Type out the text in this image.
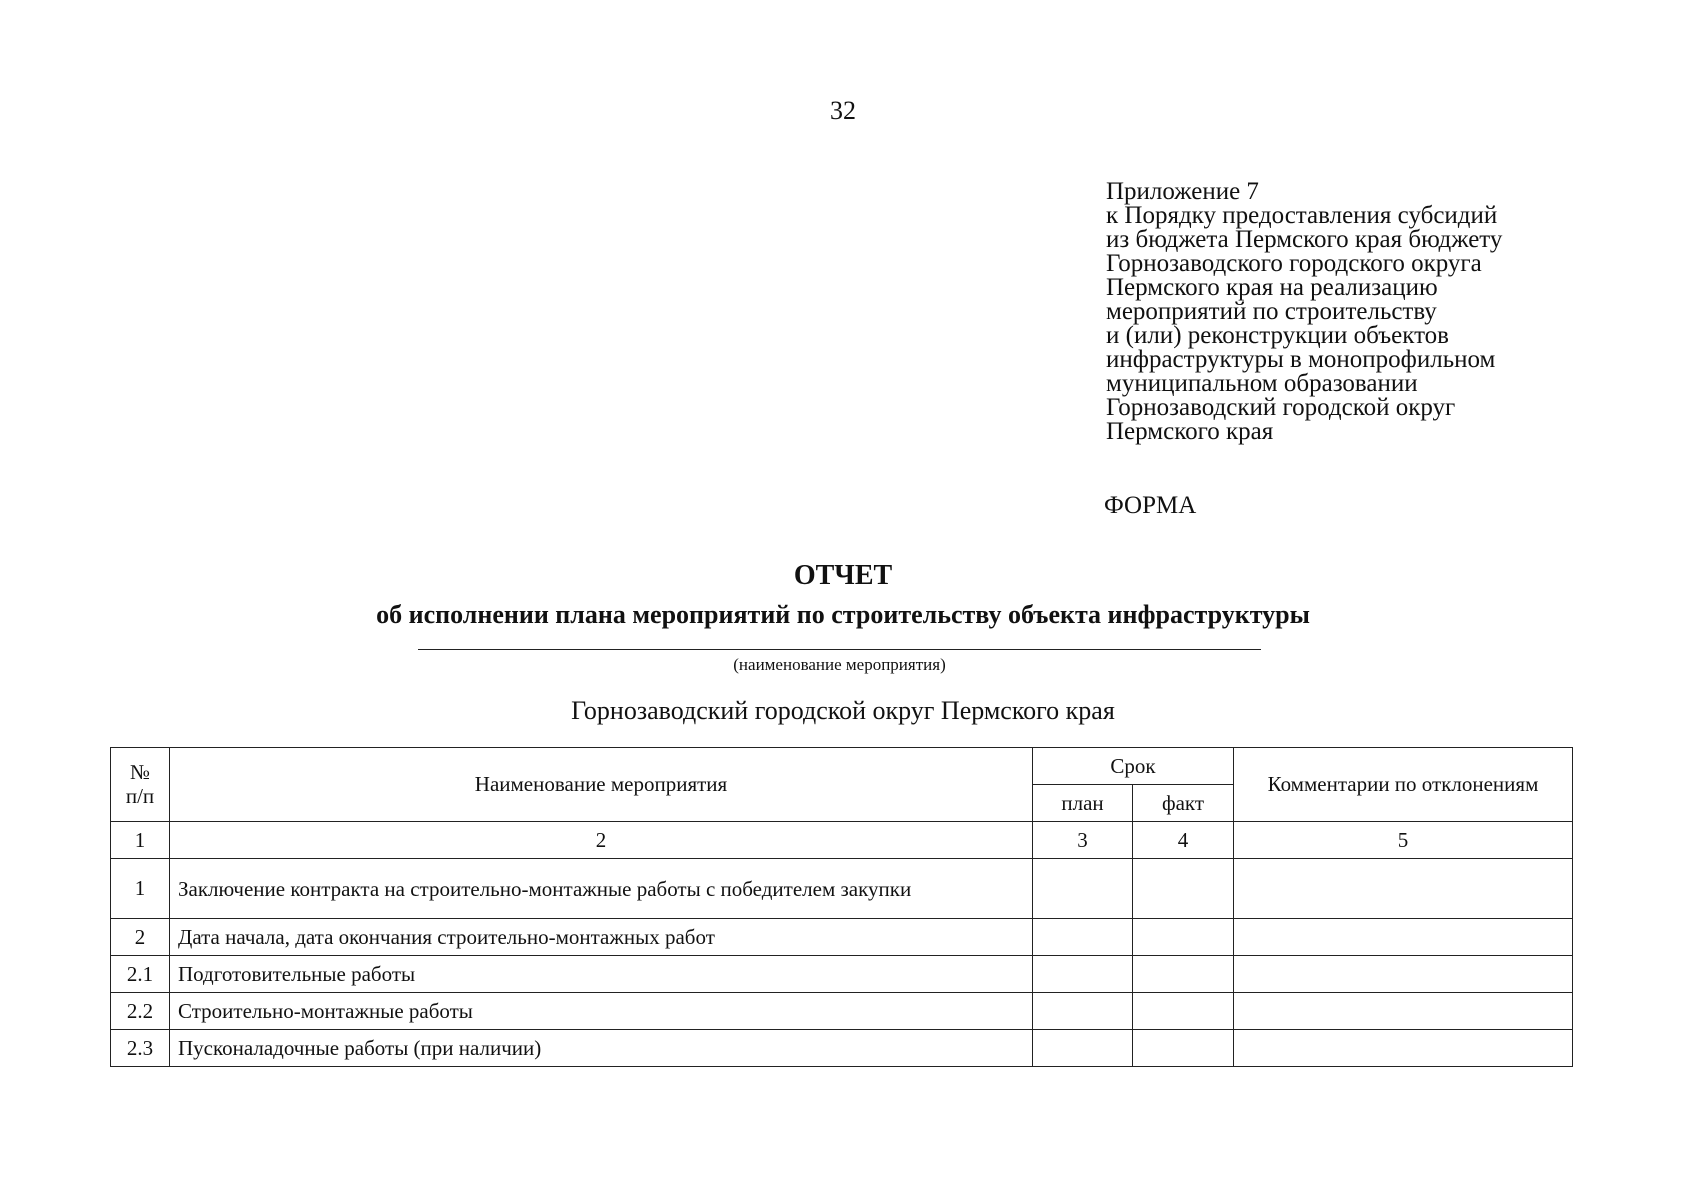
32
Приложение 7
к Порядку предоставления субсидий
из бюджета Пермского края бюджету
Горнозаводского городского округа
Пермского края на реализацию
мероприятий по строительству
и (или) реконструкции объектов
инфраструктуры в монопрофильном
муниципальном образовании
Горнозаводский городской округ
Пермского края
ФОРМА
ОТЧЕТ
об исполнении плана мероприятий по строительству объекта инфраструктуры
(наименование мероприятия)
Горнозаводский городской округ Пермского края
№ п/п	Наименование мероприятия	Срок		Комментарии по отклонениям
		план	факт	
1	2	3	4	5
1	Заключение контракта на строительно-монтажные работы с победителем закупки			
2	Дата начала, дата окончания строительно-монтажных работ			
2.1	Подготовительные работы			
2.2	Строительно-монтажные работы			
2.3	Пусконаладочные работы (при наличии)			
